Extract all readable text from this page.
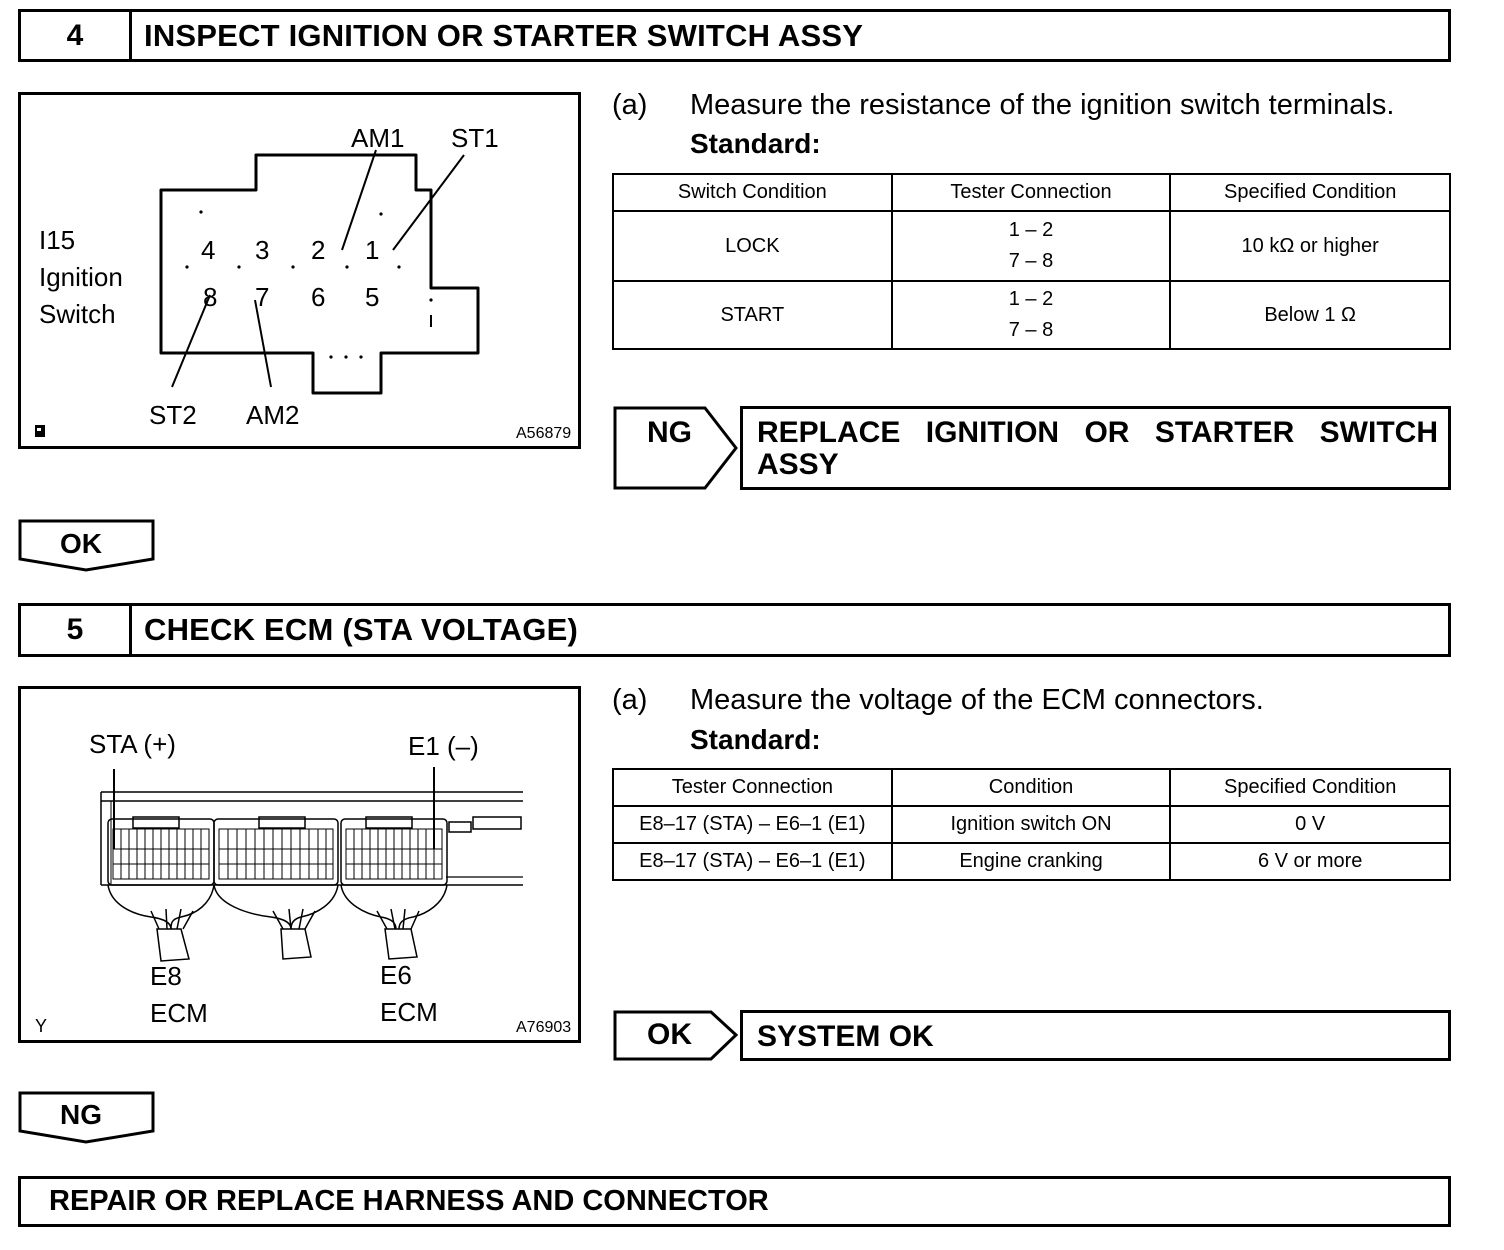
4	INSPECT IGNITION OR STARTER SWITCH ASSY
I15
Ignition
Switch
4 3 2 1
8 7 6 5
AM1 ST1
ST2 AM2
A56879
(a) Measure the resistance of the ignition switch terminals.
Standard:
Switch Condition	Tester Connection	Specified Condition
LOCK	1 – 2
7 – 8	10 kΩ or higher
START	1 – 2
7 – 8	Below 1 Ω
NG REPLACE IGNITION OR STARTER SWITCH
ASSY
OK
5	CHECK ECM (STA VOLTAGE)
STA (+)	E1 (–)
E8
ECM
E6
ECM
Y	A76903
(a) Measure the voltage of the ECM connectors.
Standard:
Tester Connection	Condition	Specified Condition
E8–17 (STA) – E6–1 (E1)	Ignition switch ON	0 V
E8–17 (STA) – E6–1 (E1)	Engine cranking	6 V or more
OK SYSTEM OK
NG
REPAIR OR REPLACE HARNESS AND CONNECTOR
